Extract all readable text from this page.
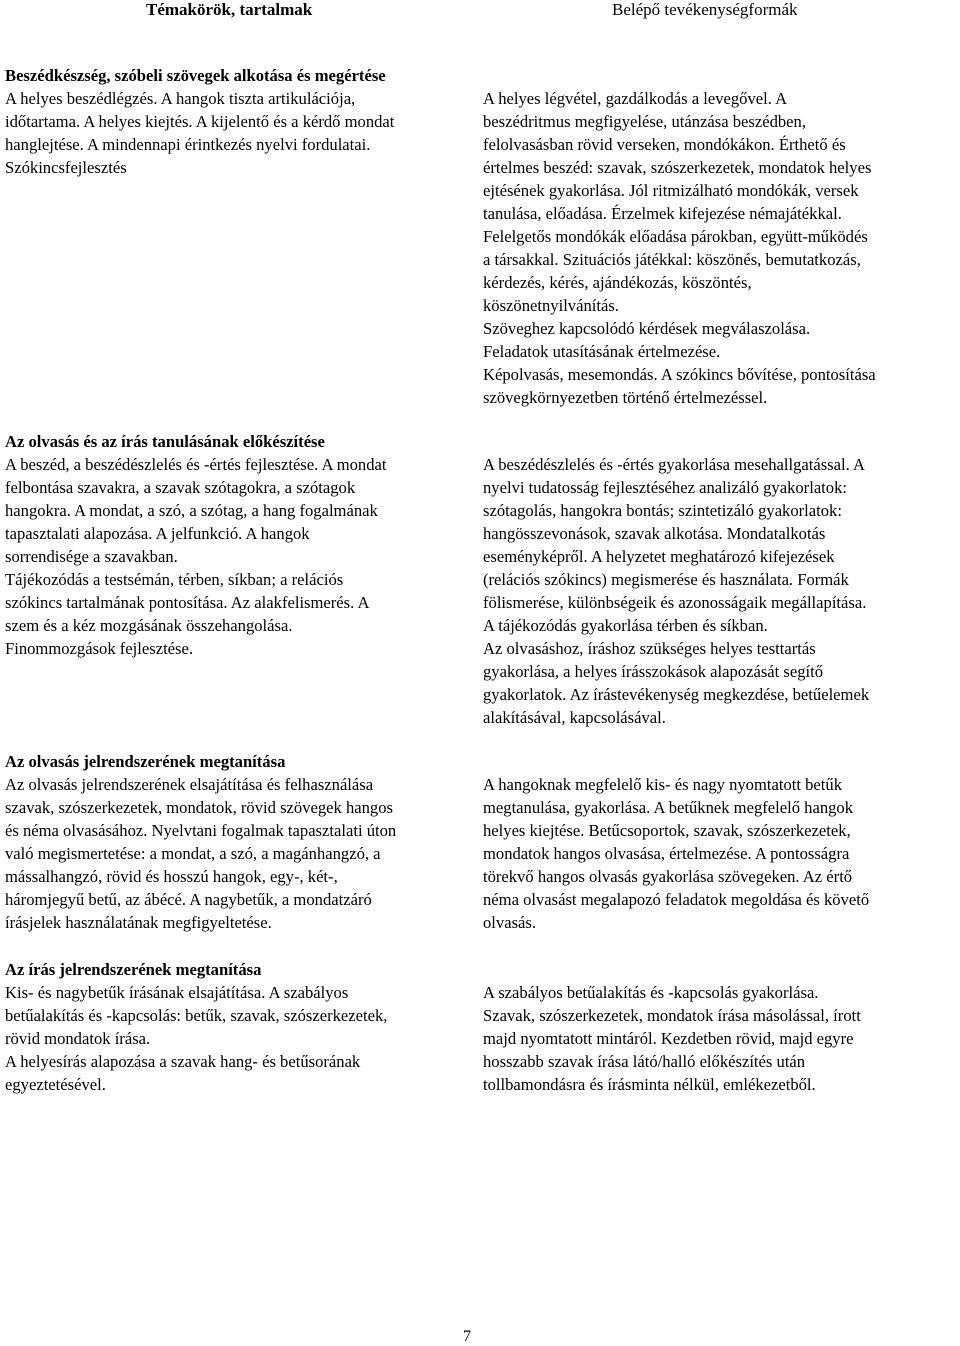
Témakörök, tartalmak	Belépő tevékenységformák
Beszédkészség, szóbeli szövegek alkotása és megértése
A helyes beszédlégzés. A hangok tiszta artikulációja,
időtartama. A helyes kiejtés. A kijelentő és a kérdő mondat
hanglejtése. A mindennapi érintkezés nyelvi fordulatai.
Szókincsfejlesztés
A helyes légvétel, gazdálkodás a levegővel. A
beszédritmus megfigyelése, utánzása beszédben,
felolvasásban rövid verseken, mondókákon. Érthető és
értelmes beszéd: szavak, szószerkezetek, mondatok helyes
ejtésének gyakorlása. Jól ritmizálható mondókák, versek
tanulása, előadása. Érzelmek kifejezése némajátékkal.
Felelgetős mondókák előadása párokban, együtt-működés
a társakkal. Szituációs játékkal: köszönés, bemutatkozás,
kérdezés, kérés, ajándékozás, köszöntés,
köszönetnyilvánítás.
Szöveghez kapcsolódó kérdések megválaszolása.
Feladatok utasításának értelmezése.
Képolvasás, mesemondás. A szókincs bővítése, pontosítása
szövegkörnyezetben történő értelmezéssel.
Az olvasás és az írás tanulásának előkészítése
A beszéd, a beszédészlelés és -értés fejlesztése. A mondat
felbontása szavakra, a szavak szótagokra, a szótagok
hangokra. A mondat, a szó, a szótag, a hang fogalmának
tapasztalati alapozása. A jelfunkció. A hangok
sorrendisége a szavakban.
Tájékozódás a testsémán, térben, síkban; a relációs
szókincs tartalmának pontosítása. Az alakfelismerés. A
szem és a kéz mozgásának összehangolása.
Finommozgások fejlesztése.
A beszédészlelés és -értés gyakorlása mesehallgatással. A
nyelvi tudatosság fejlesztéséhez analizáló gyakorlatok:
szótagolás, hangokra bontás; szintetizáló gyakorlatok:
hangösszevonások, szavak alkotása. Mondatalkotás
eseményképről. A helyzetet meghatározó kifejezések
(relációs szókincs) megismerése és használata. Formák
fölismerése, különbségeik és azonosságaik megállapítása.
A tájékozódás gyakorlása térben és síkban.
Az olvasáshoz, íráshoz szükséges helyes testtartás
gyakorlása, a helyes írásszokások alapozását segítő
gyakorlatok. Az írástevékenység megkezdése, betűelemek
alakításával, kapcsolásával.
Az olvasás jelrendszerének megtanítása
Az olvasás jelrendszerének elsajátítása és felhasználása
szavak, szószerkezetek, mondatok, rövid szövegek hangos
és néma olvasásához. Nyelvtani fogalmak tapasztalati úton
való megismertetése: a mondat, a szó, a magánhangzó, a
mássalhangzó, rövid és hosszú hangok, egy-, két-,
háromjegyű betű, az ábécé. A nagybetűk, a mondatzáró
írásjelek használatának megfigyeltetése.
A hangoknak megfelelő kis- és nagy nyomtatott betűk
megtanulása, gyakorlása. A betűknek megfelelő hangok
helyes kiejtése. Betűcsoportok, szavak, szószerkezetek,
mondatok hangos olvasása, értelmezése. A pontosságra
törekvő hangos olvasás gyakorlása szövegeken. Az értő
néma olvasást megalapozó feladatok megoldása és követő
olvasás.
Az írás jelrendszerének megtanítása
Kis- és nagybetűk írásának elsajátítása. A szabályos
betűalakítás és -kapcsolás: betűk, szavak, szószerkezetek,
rövid mondatok írása.
A helyesírás alapozása a szavak hang- és betűsorának
egyeztetésével.
A szabályos betűalakítás és -kapcsolás gyakorlása.
Szavak, szószerkezetek, mondatok írása másolással, írott
majd nyomtatott mintáról. Kezdetben rövid, majd egyre
hosszabb szavak írása látó/halló előkészítés után
tollbamondásra és írásminta nélkül, emlékezetből.
7
